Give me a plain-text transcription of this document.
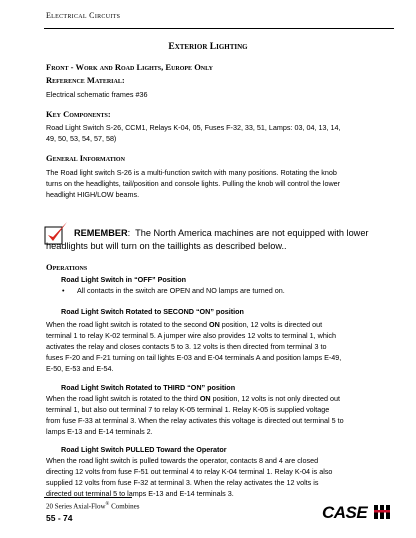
Electrical Circuits
Exterior Lighting
Front - Work and Road Lights, Europe Only
Reference Material:
Electrical schematic frames #36
Key Components:
Road Light Switch S-26, CCM1, Relays K-04, 05, Fuses F-32, 33, 51, Lamps: 03, 04, 13, 14,
49, 50, 53, 54, 57, 58)
General Information
The Road light switch S-26 is a multi-function switch with many positions. Rotating the knob
turns on the headlights, tail/position and console lights. Pulling the knob will control the lower
headlight HIGH/LOW beams.
REMEMBER:  The North America machines are not equipped with lower
headlights but will turn on the taillights as described below..
Operations
Road Light Switch in “OFF” Position
• All contacts in the switch are OPEN and NO lamps are turned on.
Road Light Switch Rotated to SECOND “ON” position
When the road light switch is rotated to the second ON position, 12 volts is directed out
terminal 1 to relay K-02 terminal 5. A jumper wire also provides 12 volts to terminal 1, which
activates the relay and closes contacts 5 to 3. 12 volts is then directed from terminal 3 to
fuses F-20 and F-21 turning on tail lights E-03 and E-04 terminals A and position lamps E-49,
E-50, E-53 and E-54.
Road Light Switch Rotated to THIRD “ON” position
When the road light switch is rotated to the third ON position, 12 volts is not only directed out
terminal 1, but also out terminal 7 to relay K-05 terminal 1. Relay K-05 is supplied voltage
from fuse F-33 at terminal 3. When the relay activates this voltage is directed out terminal 5 to
lamps E-13 and E-14 terminals 2.
Road Light Switch PULLED Toward the Operator
When the road light switch is pulled towards the operator, contacts 8 and 4 are closed
directing 12 volts from fuse F-51 out terminal 4 to relay K-04 terminal 1. Relay K-04 is also
supplied 12 volts from fuse F-32 at terminal 3. When the relay activates the 12 volts is
directed out terminal 5 to lamps E-13 and E-14 terminals 3.
20 Series Axial-Flow® Combines
55 - 74	CASE
